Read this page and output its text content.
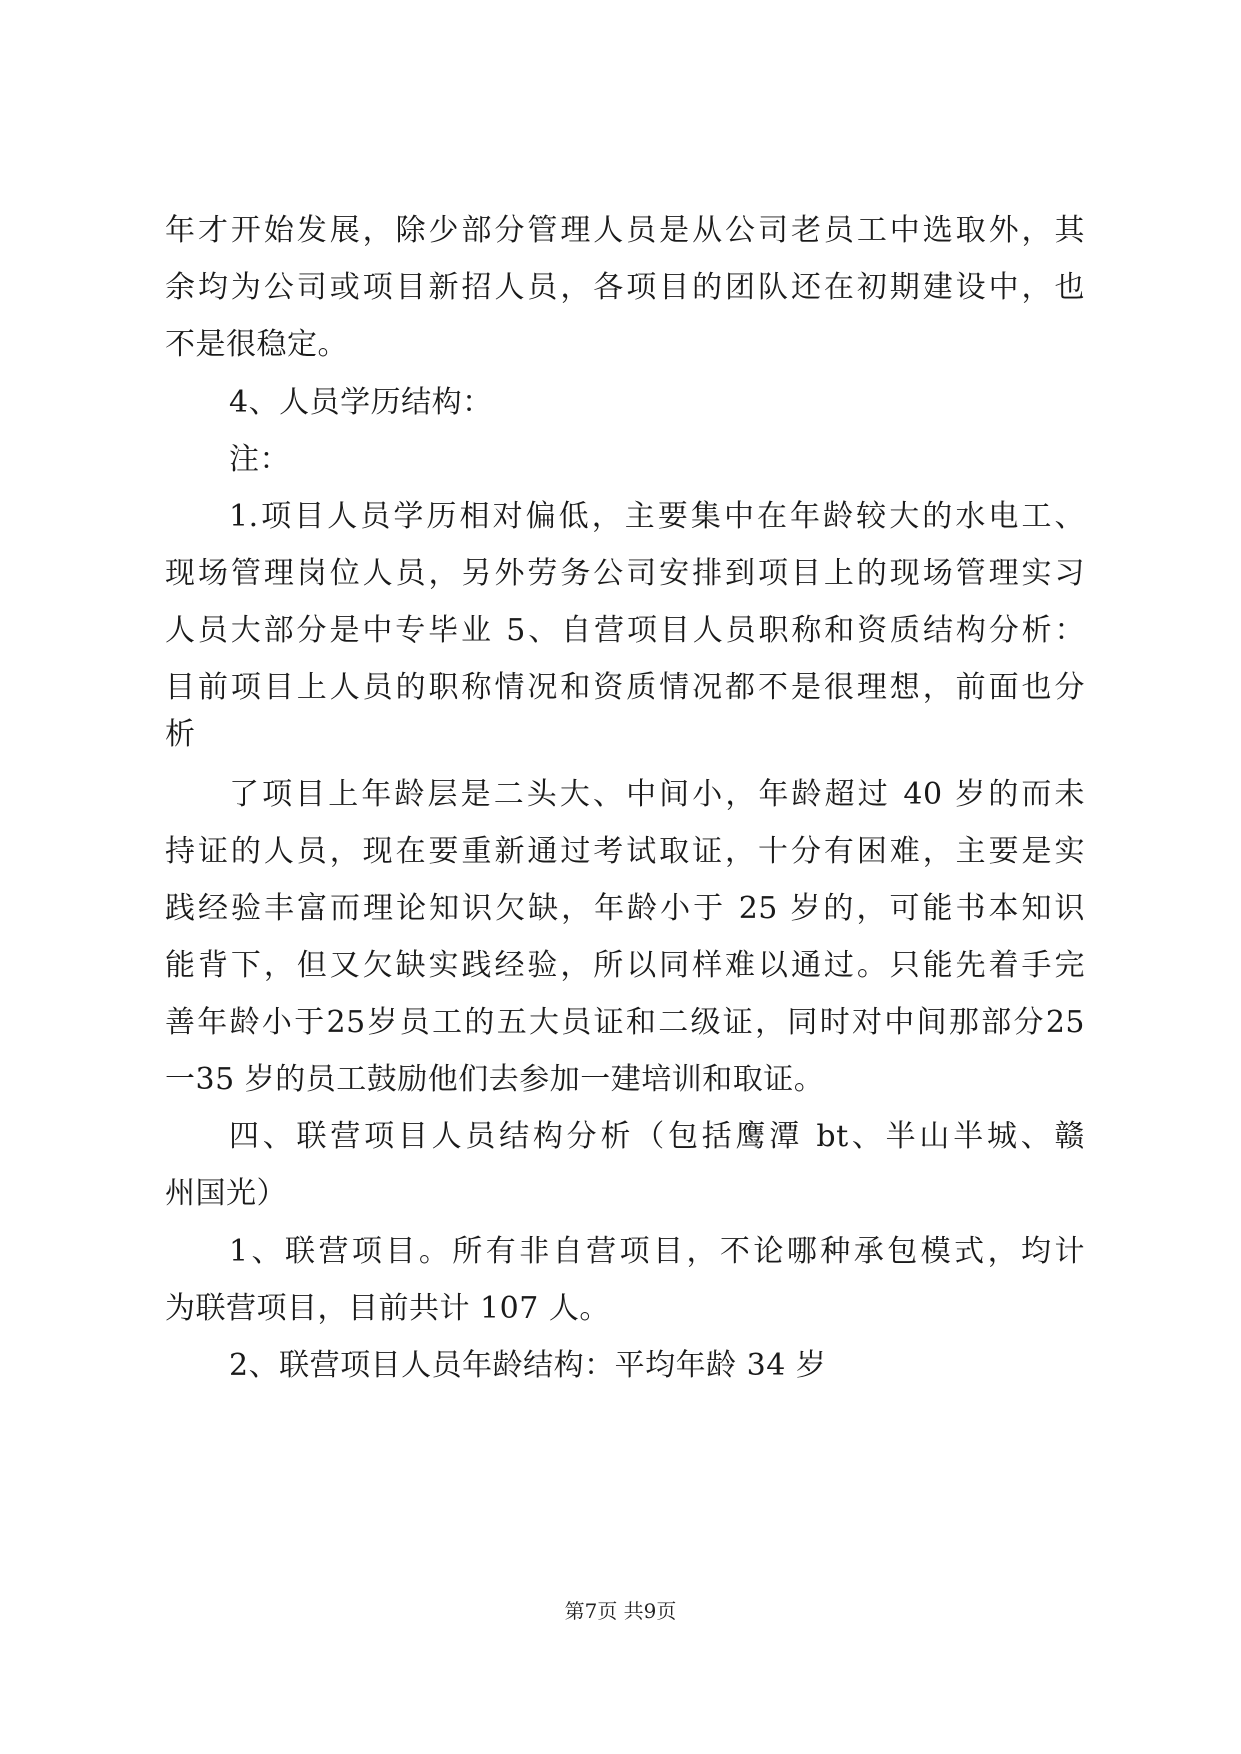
年才开始发展，除少部分管理人员是从公司老员工中选取外，其
余均为公司或项目新招人员，各项目的团队还在初期建设中，也
不是很稳定。
4、人员学历结构：
注：
1.项目人员学历相对偏低，主要集中在年龄较大的水电工、
现场管理岗位人员，另外劳务公司安排到项目上的现场管理实习
人员大部分是中专毕业 5、自营项目人员职称和资质结构分析：
目前项目上人员的职称情况和资质情况都不是很理想，前面也分
析
了项目上年龄层是二头大、中间小，年龄超过 40 岁的而未
持证的人员，现在要重新通过考试取证，十分有困难，主要是实
践经验丰富而理论知识欠缺，年龄小于 25 岁的，可能书本知识
能背下，但又欠缺实践经验，所以同样难以通过。只能先着手完
善年龄小于25岁员工的五大员证和二级证，同时对中间那部分25
一35 岁的员工鼓励他们去参加一建培训和取证。
四、联营项目人员结构分析（包括鹰潭 bt、半山半城、赣
州国光）
1、联营项目。所有非自营项目，不论哪种承包模式，均计
为联营项目，目前共计 107 人。
2、联营项目人员年龄结构：平均年龄 34 岁
第7页 共9页
